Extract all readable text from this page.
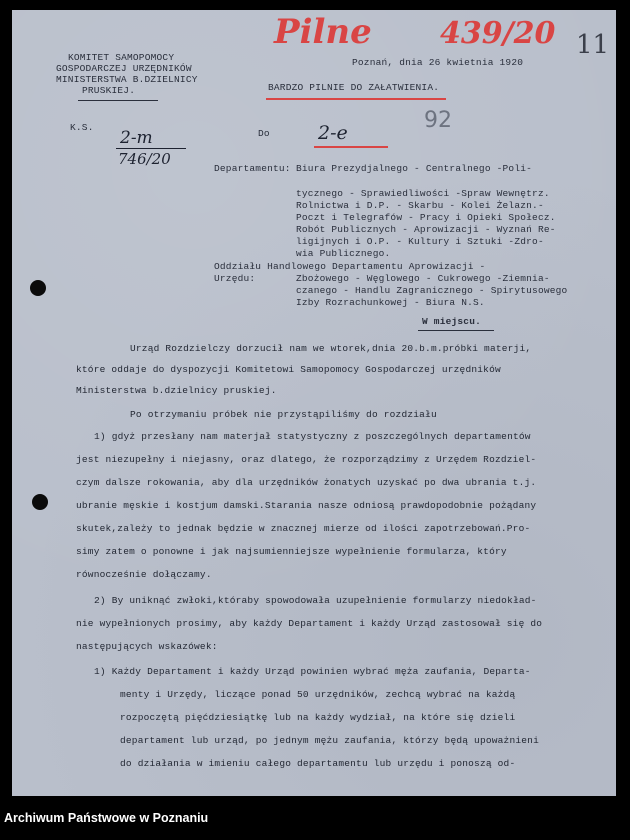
Pilne 439/20 11
92
KOMITET SAMOPOMOCY
GOSPODARCZEJ URZĘDNIKÓW
MINISTERSTWA B.DZIELNICY
PRUSKIEJ.
Poznań, dnia 26 kwietnia 1920
BARDZO PILNIE DO ZAŁATWIENIA.
K.S.
2-m
746/20
Do	2-e
Departamentu: Biura Prezydjalnego - Centralnego -Poli-
tycznego - Sprawiedliwości -Spraw Wewnętrz.
Rolnictwa i D.P. - Skarbu - Kolei Żelazn.-
Poczt i Telegrafów - Pracy i Opieki Społecz.
Robót Publicznych - Aprowizacji - Wyznań Re-
ligijnych i O.P. - Kultury i Sztuki -Zdro-
wia Publicznego.
Oddziału Handlowego Departamentu Aprowizacji -
Urzędu:	Zbożowego - Węglowego - Cukrowego -Ziemnia-
czanego - Handlu Zagranicznego - Spirytusowego
Izby Rozrachunkowej - Biura N.S.
W miejscu.
Urząd Rozdzielczy dorzucił nam we wtorek,dnia 20.b.m.próbki materji,
które oddaje do dyspozycji Komitetowi Samopomocy Gospodarczej urzędników
Ministerstwa b.dzielnicy pruskiej.
Po otrzymaniu próbek nie przystąpiliśmy do rozdziału
1) gdyż przesłany nam materjał statystyczny z poszczególnych departamentów
jest niezupełny i niejasny, oraz dlatego, że rozporządzimy z Urzędem Rozdziel-
czym dalsze rokowania, aby dla urzędników żonatych uzyskać po dwa ubrania t.j.
ubranie męskie i kostjum damski.Starania nasze odniosą prawdopodobnie pożądany
skutek,zależy to jednak będzie w znacznej mierze od ilości zapotrzebowań.Pro-
simy zatem o ponowne i jak najsumienniejsze wypełnienie formularza, który
równocześnie dołączamy.
2) By uniknąć zwłoki,któraby spowodowała uzupełnienie formularzy niedokład-
nie wypełnionych prosimy, aby każdy Departament i każdy Urząd zastosował się do
następujących wskazówek:
1) Każdy Departament i każdy Urząd powinien wybrać męża zaufania, Departa-
menty i Urzędy, liczące ponad 50 urzędników, zechcą wybrać na każdą
rozpoczętą pięćdziesiątkę lub na każdy wydział, na które się dzieli
departament lub urząd, po jednym mężu zaufania, którzy będą upoważnieni
do działania w imieniu całego departamentu lub urzędu i ponoszą od-
Archiwum Państwowe w Poznaniu
